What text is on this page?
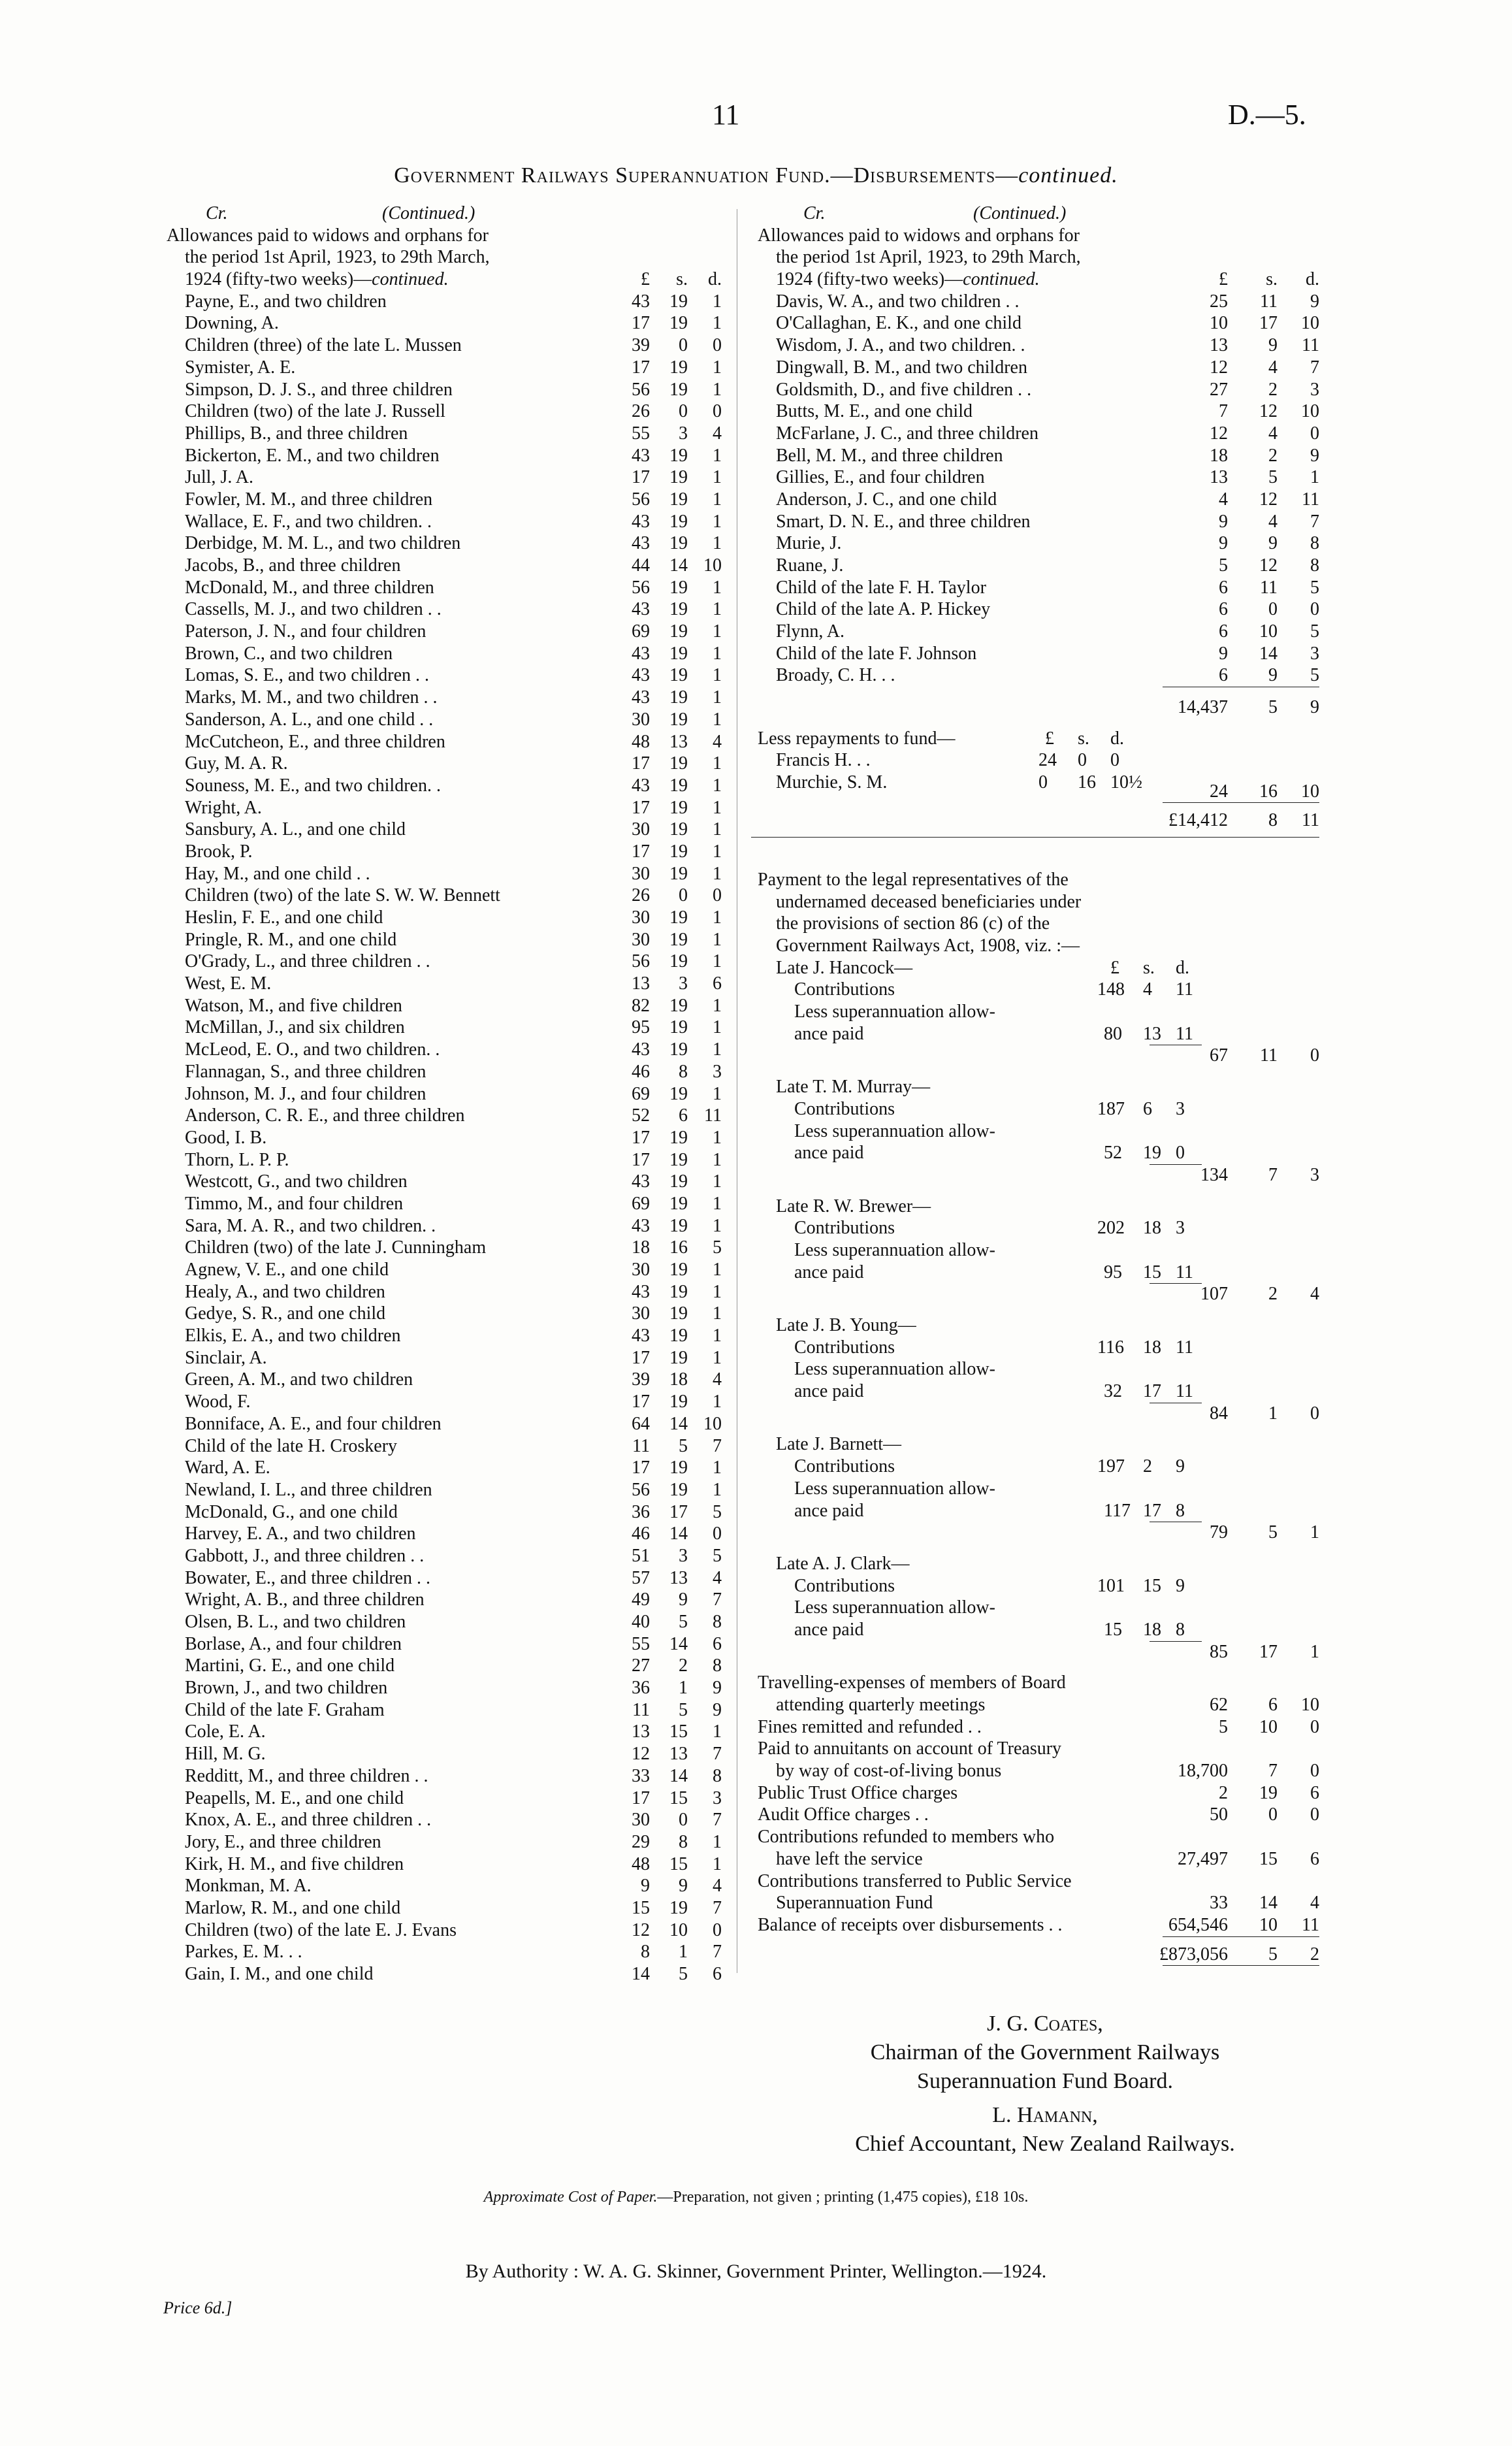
11	D.—5.
Government Railways Superannuation Fund.—Disbursements—continued.
Cr.	(Continued.)
Allowances paid to widows and orphans for
the period 1st April, 1923, to 29th March,
1924 (fifty-two weeks)—continued.	£	s.	d.
Payne, E., and two children	43	19	1
Downing, A.	17	19	1
Children (three) of the late L. Mussen	39	0	0
Symister, A. E.	17	19	1
Simpson, D. J. S., and three children	56	19	1
Children (two) of the late J. Russell	26	0	0
Phillips, B., and three children	55	3	4
Bickerton, E. M., and two children	43	19	1
Jull, J. A.	17	19	1
Fowler, M. M., and three children	56	19	1
Wallace, E. F., and two children. .	43	19	1
Derbidge, M. M. L., and two children	43	19	1
Jacobs, B., and three children	44	14 10
McDonald, M., and three children	56	19	1
Cassells, M. J., and two children . .	43	19	1
Paterson, J. N., and four children	69	19	1
Brown, C., and two children	43	19	1
Lomas, S. E., and two children . .	43	19	1
Marks, M. M., and two children . .	43	19	1
Sanderson, A. L., and one child . .	30	19	1
McCutcheon, E., and three children	48	13	4
Guy, M. A. R.	17	19	1
Souness, M. E., and two children. .	43	19	1
Wright, A.	17	19	1
Sansbury, A. L., and one child	30	19	1
Brook, P.	17	19	1
Hay, M., and one child . .	30	19	1
Children (two) of the late S. W. W. Bennett	26	0	0
Heslin, F. E., and one child	30	19	1
Pringle, R. M., and one child	30	19	1
O'Grady, L., and three children . .	56	19	1
West, E. M.	13	3	6
Watson, M., and five children	82	19	1
McMillan, J., and six children	95	19	1
McLeod, E. O., and two children. .	43	19	1
Flannagan, S., and three children	46	8	3
Johnson, M. J., and four children	69	19	1
Anderson, C. R. E., and three children	52	6 11
Good, I. B.	17	19	1
Thorn, L. P. P.	17	19	1
Westcott, G., and two children	43	19	1
Timmo, M., and four children	69	19	1
Sara, M. A. R., and two children. .	43	19	1
Children (two) of the late J. Cunningham	18	16	5
Agnew, V. E., and one child	30	19	1
Healy, A., and two children	43	19	1
Gedye, S. R., and one child	30	19	1
Elkis, E. A., and two children	43	19	1
Sinclair, A.	17	19	1
Green, A. M., and two children	39	18	4
Wood, F.	17	19	1
Bonniface, A. E., and four children	64	14 10
Child of the late H. Croskery	11	5	7
Ward, A. E.	17	19	1
Newland, I. L., and three children	56	19	1
McDonald, G., and one child	36	17	5
Harvey, E. A., and two children	46	14	0
Gabbott, J., and three children . .	51	3	5
Bowater, E., and three children . .	57	13	4
Wright, A. B., and three children	49	9	7
Olsen, B. L., and two children	40	5	8
Borlase, A., and four children	55	14	6
Martini, G. E., and one child	27	2	8
Brown, J., and two children	36	1	9
Child of the late F. Graham	11	5	9
Cole, E. A.	13	15	1
Hill, M. G.	12	13	7
Redditt, M., and three children . .	33	14	8
Peapells, M. E., and one child	17	15	3
Knox, A. E., and three children . .	30	0	7
Jory, E., and three children	29	8	1
Kirk, H. M., and five children	48	15	1
Monkman, M. A.	9	9	4
Marlow, R. M., and one child	15	19	7
Children (two) of the late E. J. Evans	12	10	0
Parkes, E. M. . .	8	1	7
Gain, I. M., and one child	14	5	6
Cr.	(Continued.)
Allowances paid to widows and orphans for
the period 1st April, 1923, to 29th March,
1924 (fifty-two weeks)—continued.	£	s.	d.
Davis, W. A., and two children . .	25	11	9
O'Callaghan, E. K., and one child	10	17	10
Wisdom, J. A., and two children. .	13	9	11
Dingwall, B. M., and two children	12	4	7
Goldsmith, D., and five children . .	27	2	3
Butts, M. E., and one child	7	12	10
McFarlane, J. C., and three children	12	4	0
Bell, M. M., and three children	18	2	9
Gillies, E., and four children	13	5	1
Anderson, J. C., and one child	4	12	11
Smart, D. N. E., and three children	9	4	7
Murie, J.	9	9	8
Ruane, J.	5	12	8
Child of the late F. H. Taylor	6	11	5
Child of the late A. P. Hickey	6	0	0
Flynn, A.	6	10	5
Child of the late F. Johnson	9	14	3
Broady, C. H. . .	6	9	5
14,437	5	9
Less repayments to fund—	£ s. d.
Francis H. . .	24 0 0
Murchie, S. M.	0 16 10½	24	16	10
£14,412	8	11
Payment to the legal representatives of the
undernamed deceased beneficiaries under
the provisions of section 86 (c) of the
Government Railways Act, 1908, viz. :—
Late J. Hancock—	£ s. d.
Contributions	148 4 11
Less superannuation allow-
ance paid	80 13 11
67	11	0
Late T. M. Murray—
Contributions	187 6 3
Less superannuation allow-
ance paid	52 19 0
134	7	3
Late R. W. Brewer—
Contributions	202 18 3
Less superannuation allow-
ance paid	95 15 11
107	2	4
Late J. B. Young—
Contributions	116 18 11
Less superannuation allow-
ance paid	32 17 11
84	1	0
Late J. Barnett—
Contributions	197 2 9
Less superannuation allow-
ance paid	117 17 8
79	5	1
Late A. J. Clark—
Contributions	101 15 9
Less superannuation allow-
ance paid	15 18 8
85	17	1
Travelling-expenses of members of Board
attending quarterly meetings	62	6	10
Fines remitted and refunded . .	5	10	0
Paid to annuitants on account of Treasury
by way of cost-of-living bonus	18,700	7	0
Public Trust Office charges	2	19	6
Audit Office charges . .	50	0	0
Contributions refunded to members who
have left the service	27,497	15	6
Contributions transferred to Public Service
Superannuation Fund	33	14	4
Balance of receipts over disbursements . .	654,546	10	11
£873,056	5	2
J. G. Coates,
Chairman of the Government Railways
Superannuation Fund Board.
L. Hamann,
Chief Accountant, New Zealand Railways.
Approximate Cost of Paper.—Preparation, not given ; printing (1,475 copies), £18 10s.
By Authority : W. A. G. Skinner, Government Printer, Wellington.—1924.
Price 6d.]
